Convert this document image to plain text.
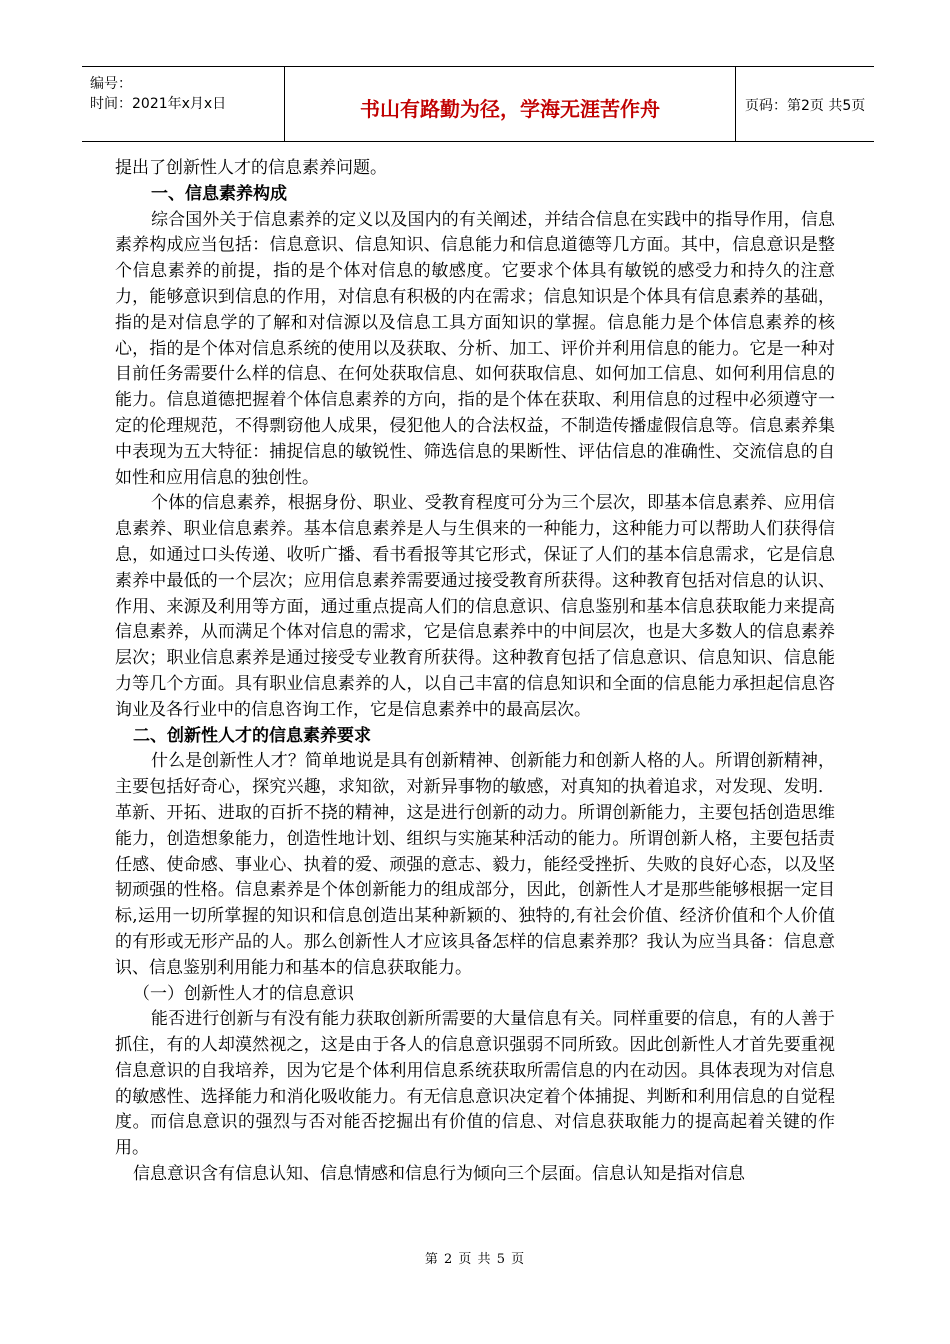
编号：
时间：2021年x月x日	书山有路勤为径，学海无涯苦作舟	页码：第2页 共5页

提出了创新性人才的信息素养问题。

一、信息素养构成

综合国外关于信息素养的定义以及国内的有关阐述，并结合信息在实践中的指导作用，信息素养构成应当包括：信息意识、信息知识、信息能力和信息道德等几方面。其中，信息意识是整个信息素养的前提，指的是个体对信息的敏感度。它要求个体具有敏锐的感受力和持久的注意力，能够意识到信息的作用，对信息有积极的内在需求；信息知识是个体具有信息素养的基础，指的是对信息学的了解和对信源以及信息工具方面知识的掌握。信息能力是个体信息素养的核心，指的是个体对信息系统的使用以及获取、分析、加工、评价并利用信息的能力。它是一种对目前任务需要什么样的信息、在何处获取信息、如何获取信息、如何加工信息、如何利用信息的能力。信息道德把握着个体信息素养的方向，指的是个体在获取、利用信息的过程中必须遵守一定的伦理规范，不得剽窃他人成果，侵犯他人的合法权益，不制造传播虚假信息等。信息素养集中表现为五大特征：捕捉信息的敏锐性、筛选信息的果断性、评估信息的准确性、交流信息的自如性和应用信息的独创性。

个体的信息素养，根据身份、职业、受教育程度可分为三个层次，即基本信息素养、应用信息素养、职业信息素养。基本信息素养是人与生俱来的一种能力，这种能力可以帮助人们获得信息，如通过口头传递、收听广播、看书看报等其它形式，保证了人们的基本信息需求，它是信息素养中最低的一个层次；应用信息素养需要通过接受教育所获得。这种教育包括对信息的认识、作用、来源及利用等方面，通过重点提高人们的信息意识、信息鉴别和基本信息获取能力来提高信息素养，从而满足个体对信息的需求，它是信息素养中的中间层次，也是大多数人的信息素养层次；职业信息素养是通过接受专业教育所获得。这种教育包括了信息意识、信息知识、信息能力等几个方面。具有职业信息素养的人，以自己丰富的信息知识和全面的信息能力承担起信息咨询业及各行业中的信息咨询工作，它是信息素养中的最高层次。

二、创新性人才的信息素养要求

什么是创新性人才？简单地说是具有创新精神、创新能力和创新人格的人。所谓创新精神，主要包括好奇心，探究兴趣，求知欲，对新异事物的敏感，对真知的执着追求，对发现、发明．革新、开拓、进取的百折不挠的精神，这是进行创新的动力。所谓创新能力，主要包括创造思维能力，创造想象能力，创造性地计划、组织与实施某种活动的能力。所谓创新人格，主要包括责任感、使命感、事业心、执着的爱、顽强的意志、毅力，能经受挫折、失败的良好心态，以及坚韧顽强的性格。信息素养是个体创新能力的组成部分，因此，创新性人才是那些能够根据一定目标,运用一切所掌握的知识和信息创造出某种新颖的、独特的,有社会价值、经济价值和个人价值的有形或无形产品的人。那么创新性人才应该具备怎样的信息素养那？我认为应当具备：信息意识、信息鉴别利用能力和基本的信息获取能力。

（一）创新性人才的信息意识

能否进行创新与有没有能力获取创新所需要的大量信息有关。同样重要的信息，有的人善于抓住，有的人却漠然视之，这是由于各人的信息意识强弱不同所致。因此创新性人才首先要重视信息意识的自我培养，因为它是个体利用信息系统获取所需信息的内在动因。具体表现为对信息的敏感性、选择能力和消化吸收能力。有无信息意识决定着个体捕捉、判断和利用信息的自觉程度。而信息意识的强烈与否对能否挖掘出有价值的信息、对信息获取能力的提高起着关键的作用。

信息意识含有信息认知、信息情感和信息行为倾向三个层面。信息认知是指对信息

第 2 页 共 5 页
